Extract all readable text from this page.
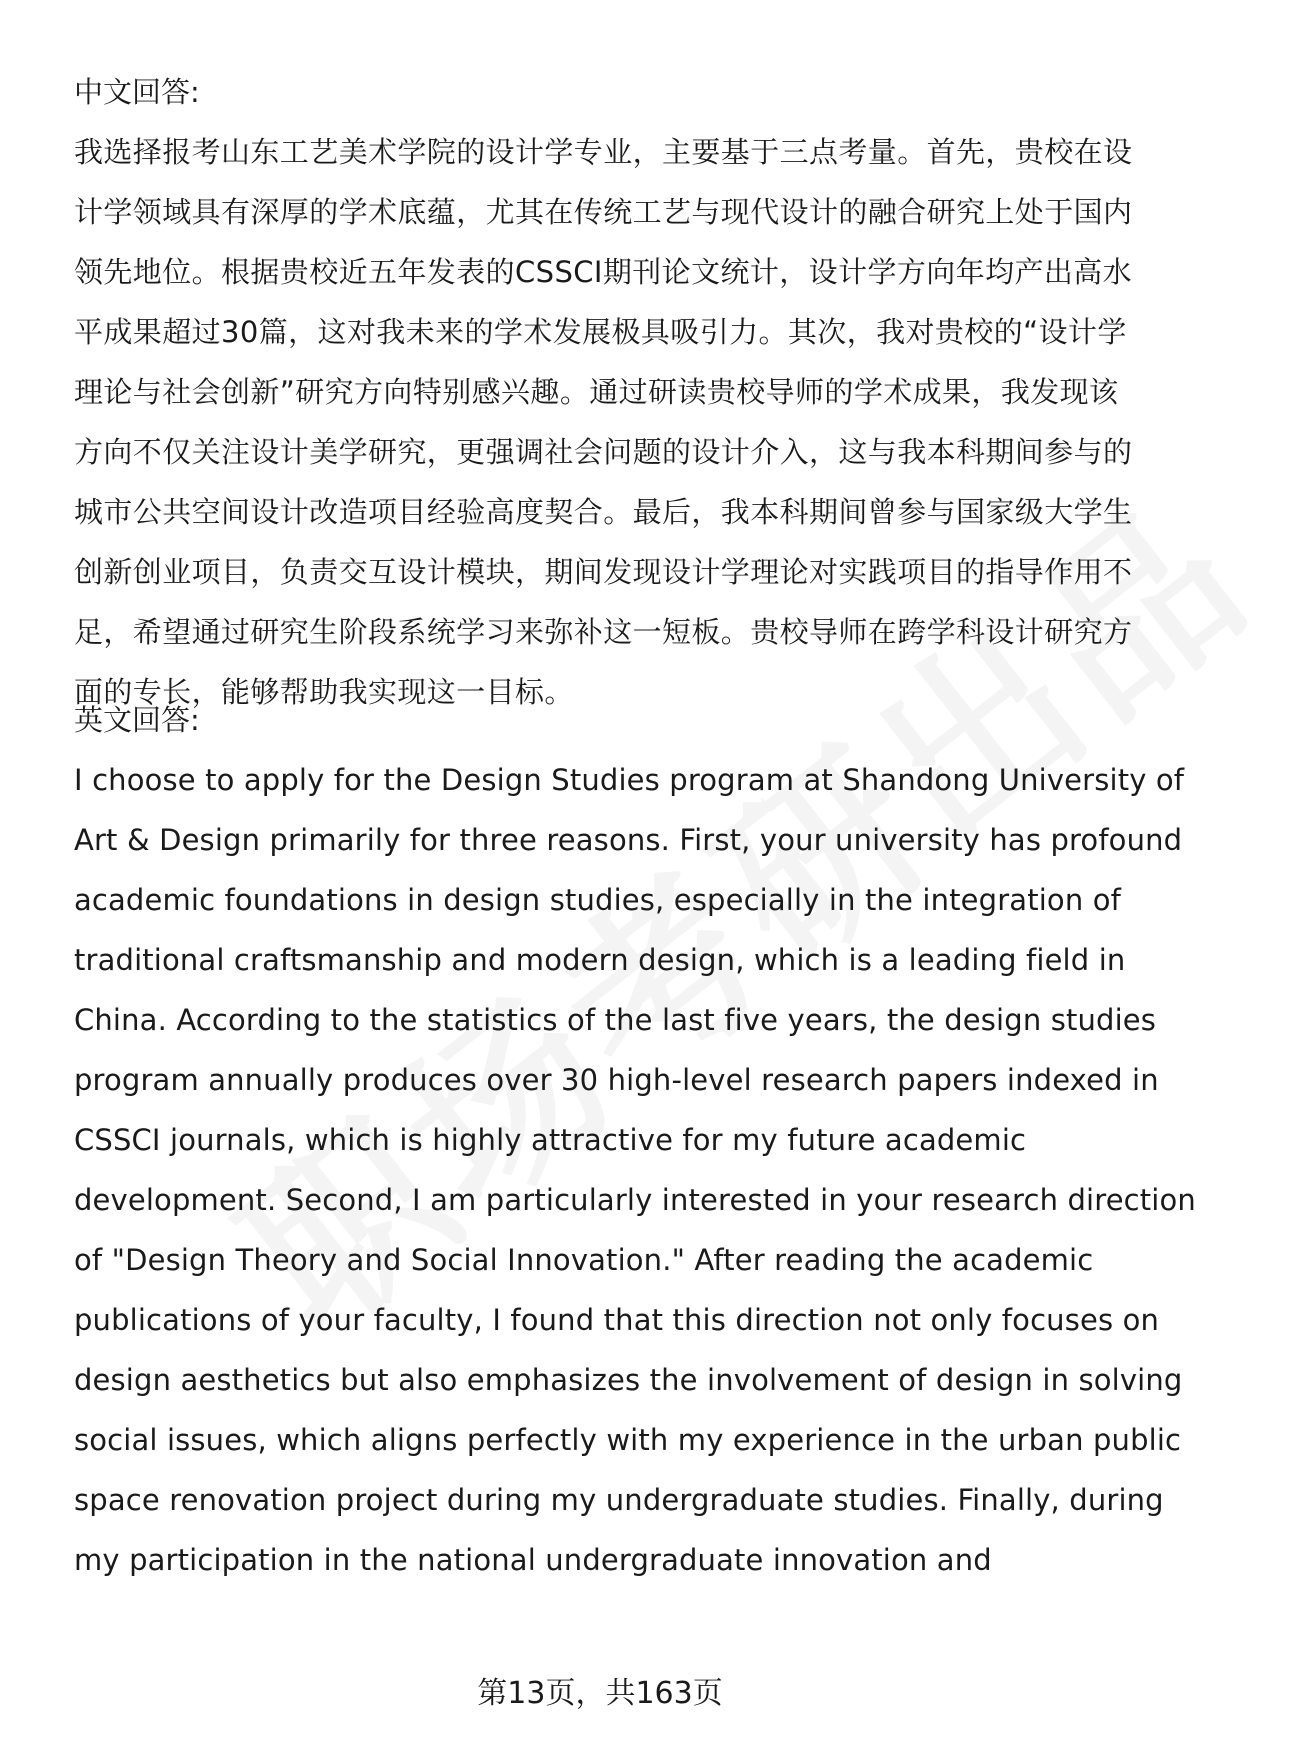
中文回答:
我选择报考山东工艺美术学院的设计学专业，主要基于三点考量。首先，贵校在设
计学领域具有深厚的学术底蕴，尤其在传统工艺与现代设计的融合研究上处于国内
领先地位。根据贵校近五年发表的CSSCI期刊论文统计，设计学方向年均产出高水
平成果超过30篇，这对我未来的学术发展极具吸引力。其次，我对贵校的“设计学
理论与社会创新”研究方向特别感兴趣。通过研读贵校导师的学术成果，我发现该
方向不仅关注设计美学研究，更强调社会问题的设计介入，这与我本科期间参与的
城市公共空间设计改造项目经验高度契合。最后，我本科期间曾参与国家级大学生
创新创业项目，负责交互设计模块，期间发现设计学理论对实践项目的指导作用不
足，希望通过研究生阶段系统学习来弥补这一短板。贵校导师在跨学科设计研究方
面的专长，能够帮助我实现这一目标。
英文回答:
I choose to apply for the Design Studies program at Shandong University of
Art & Design primarily for three reasons. First, your university has profound
academic foundations in design studies, especially in the integration of
traditional craftsmanship and modern design, which is a leading field in
China. According to the statistics of the last five years, the design studies
program annually produces over 30 high-level research papers indexed in
CSSCI journals, which is highly attractive for my future academic
development. Second, I am particularly interested in your research direction
of "Design Theory and Social Innovation." After reading the academic
publications of your faculty, I found that this direction not only focuses on
design aesthetics but also emphasizes the involvement of design in solving
social issues, which aligns perfectly with my experience in the urban public
space renovation project during my undergraduate studies. Finally, during
my participation in the national undergraduate innovation and
第13页，共163页
